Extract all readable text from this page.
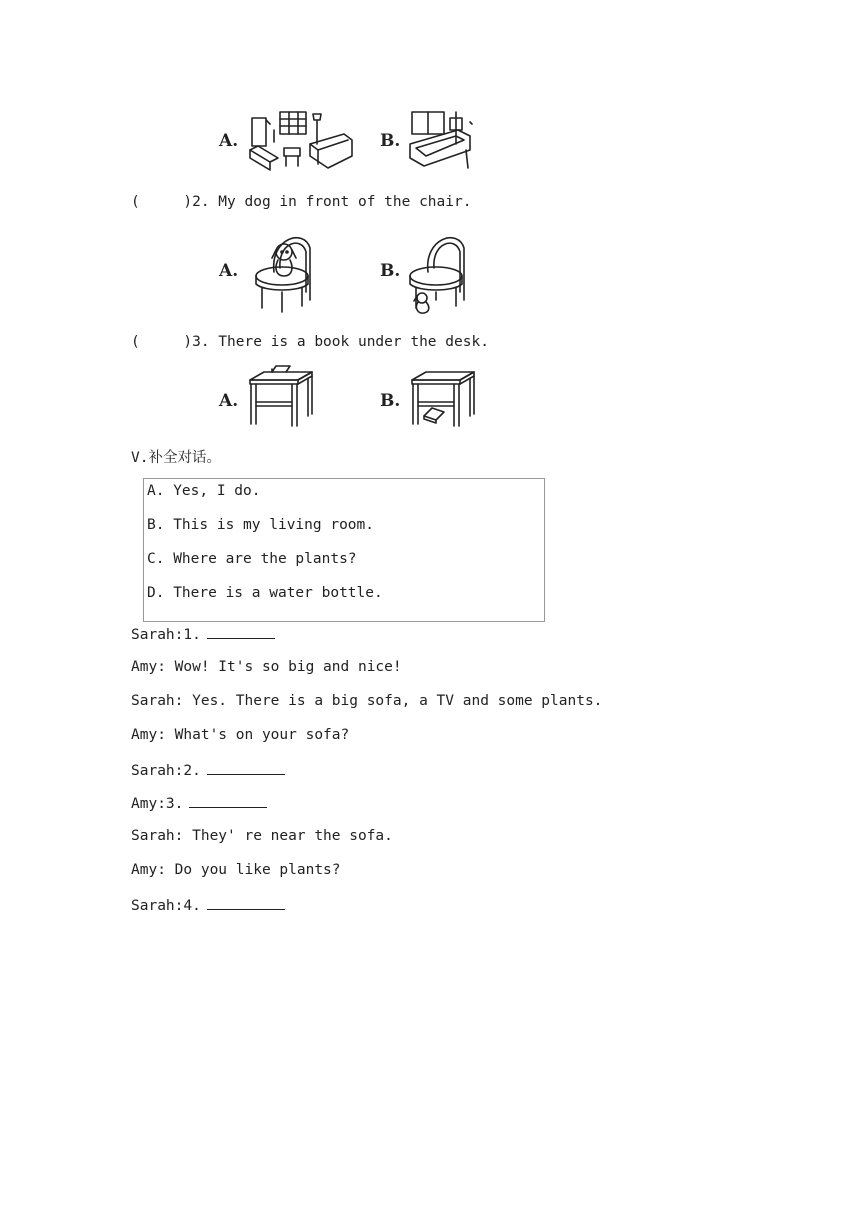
A.	B.
(     )2. My dog in front of the chair.
A.	B.
(     )3. There is a book under the desk.
A.	B.
V.补全对话。
A. Yes, I do.
B. This is my living room.
C. Where are the plants?
D. There is a water bottle.
Sarah:1.
Amy: Wow! It's so big and nice!
Sarah: Yes. There is a big sofa, a TV and some plants.
Amy: What's on your sofa?
Sarah:2.
Amy:3.
Sarah: They' re near the sofa.
Amy: Do you like plants?
Sarah:4.
